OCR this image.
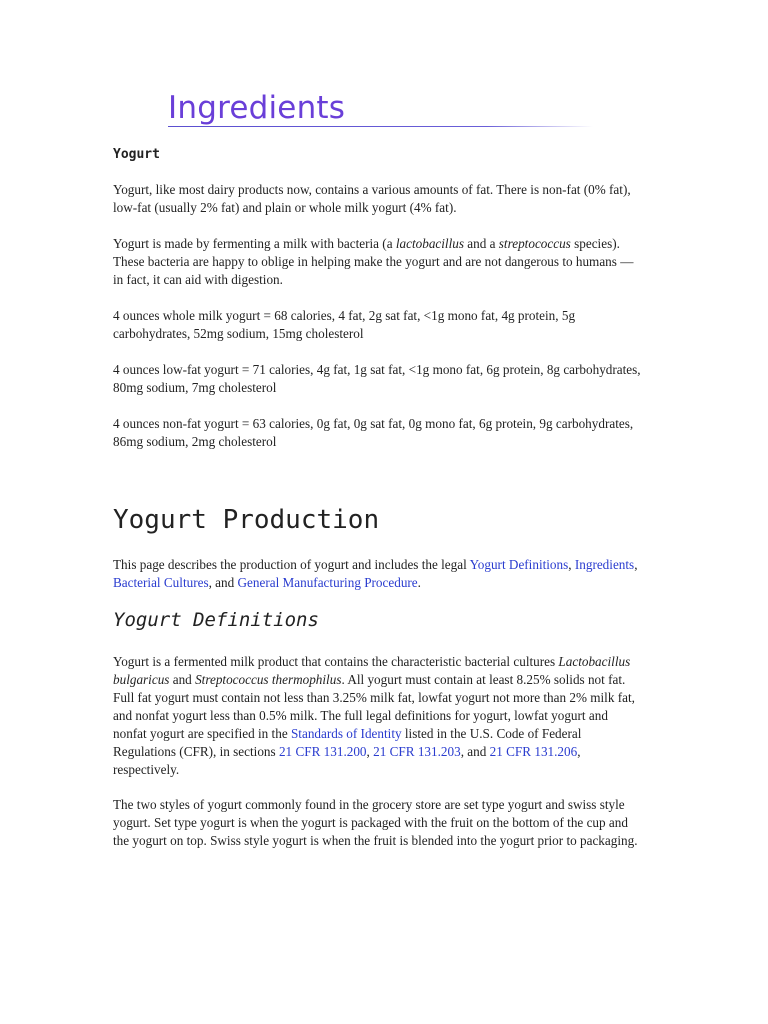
Ingredients
Yogurt

Yogurt, like most dairy products now, contains a various amounts of fat. There is non-fat (0% fat), low-fat (usually 2% fat) and plain or whole milk yogurt (4% fat).

Yogurt is made by fermenting a milk with bacteria (a lactobacillus and a streptococcus species). These bacteria are happy to oblige in helping make the yogurt and are not dangerous to humans — in fact, it can aid with digestion.

4 ounces whole milk yogurt = 68 calories, 4 fat, 2g sat fat, <1g mono fat, 4g protein, 5g carbohydrates, 52mg sodium, 15mg cholesterol

4 ounces low-fat yogurt = 71 calories, 4g fat, 1g sat fat, <1g mono fat, 6g protein, 8g carbohydrates, 80mg sodium, 7mg cholesterol

4 ounces non-fat yogurt = 63 calories, 0g fat, 0g sat fat, 0g mono fat, 6g protein, 9g carbohydrates, 86mg sodium, 2mg cholesterol

Yogurt Production

This page describes the production of yogurt and includes the legal Yogurt Definitions, Ingredients, Bacterial Cultures, and General Manufacturing Procedure.

Yogurt Definitions

Yogurt is a fermented milk product that contains the characteristic bacterial cultures Lactobacillus bulgaricus and Streptococcus thermophilus. All yogurt must contain at least 8.25% solids not fat. Full fat yogurt must contain not less than 3.25% milk fat, lowfat yogurt not more than 2% milk fat, and nonfat yogurt less than 0.5% milk. The full legal definitions for yogurt, lowfat yogurt and nonfat yogurt are specified in the Standards of Identity listed in the U.S. Code of Federal Regulations (CFR), in sections 21 CFR 131.200, 21 CFR 131.203, and 21 CFR 131.206, respectively.

The two styles of yogurt commonly found in the grocery store are set type yogurt and swiss style yogurt. Set type yogurt is when the yogurt is packaged with the fruit on the bottom of the cup and the yogurt on top. Swiss style yogurt is when the fruit is blended into the yogurt prior to packaging.
